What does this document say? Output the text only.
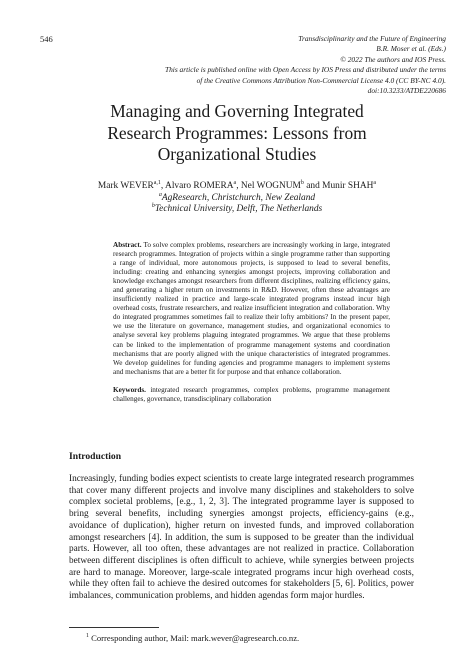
546	Transdisciplinarity and the Future of Engineering
B.R. Moser et al. (Eds.)
© 2022 The authors and IOS Press.
This article is published online with Open Access by IOS Press and distributed under the terms
of the Creative Commons Attribution Non-Commercial License 4.0 (CC BY-NC 4.0).
doi:10.3233/ATDE220686
Managing and Governing Integrated
Research Programmes: Lessons from
Organizational Studies
Mark WEVER$^{a,1}$, Alvaro ROMERA$^a$, Nel WOGNUM$^b$ and Munir SHAH$^a$
$^a$AgResearch, Christchurch, New Zealand
$^b$Technical University, Delft, The Netherlands

Abstract. To solve complex problems, researchers are increasingly working in large, integrated research programmes. Integration of projects within a single programme rather than supporting a range of individual, more autonomous projects, is supposed to lead to several benefits, including: creating and enhancing synergies amongst projects, improving collaboration and knowledge exchanges amongst researchers from different disciplines, realizing efficiency gains, and generating a higher return on investments in R&D. However, often these advantages are insufficiently realized in practice and large-scale integrated programs instead incur high overhead costs, frustrate researchers, and realize insufficient integration and collaboration. Why do integrated programmes sometimes fail to realize their lofty ambitions? In the present paper, we use the literature on governance, management studies, and organizational economics to analyse several key problems plaguing integrated programmes. We argue that these problems can be linked to the implementation of programme management systems and coordination mechanisms that are poorly aligned with the unique characteristics of integrated programmes. We develop guidelines for funding agencies and programme managers to implement systems and mechanisms that are a better fit for purpose and that enhance collaboration.

Keywords. integrated research programmes, complex problems, programme management challenges, governance, transdisciplinary collaboration

Introduction

Increasingly, funding bodies expect scientists to create large integrated research programmes that cover many different projects and involve many disciplines and stakeholders to solve complex societal problems, [e.g., 1, 2, 3]. The integrated programme layer is supposed to bring several benefits, including synergies amongst projects, efficiency-gains (e.g., avoidance of duplication), higher return on invested funds, and improved collaboration amongst researchers [4]. In addition, the sum is supposed to be greater than the individual parts. However, all too often, these advantages are not realized in practice. Collaboration between different disciplines is often difficult to achieve, while synergies between projects are hard to manage. Moreover, large-scale integrated programs incur high overhead costs, while they often fail to achieve the desired outcomes for stakeholders [5, 6]. Politics, power imbalances, communication problems, and hidden agendas form major hurdles.

$^1$ Corresponding author, Mail: mark.wever@agresearch.co.nz.
